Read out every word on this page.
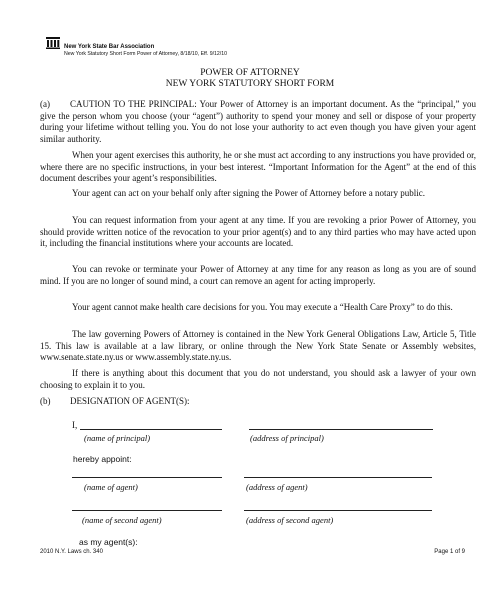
New York State Bar Association
New York Statutory Short Form Power of Attorney, 8/18/10, Eff. 9/12/10
POWER OF ATTORNEY
NEW YORK STATUTORY SHORT FORM
(a) CAUTION TO THE PRINCIPAL: Your Power of Attorney is an important document. As the “principal,” you give the person whom you choose (your “agent”) authority to spend your money and sell or dispose of your property during your lifetime without telling you. You do not lose your authority to act even though you have given your agent similar authority.
When your agent exercises this authority, he or she must act according to any instructions you have provided or, where there are no specific instructions, in your best interest. “Important Information for the Agent” at the end of this document describes your agent’s responsibilities.
Your agent can act on your behalf only after signing the Power of Attorney before a notary public.
You can request information from your agent at any time. If you are revoking a prior Power of Attorney, you should provide written notice of the revocation to your prior agent(s) and to any third parties who may have acted upon it, including the financial institutions where your accounts are located.
You can revoke or terminate your Power of Attorney at any time for any reason as long as you are of sound mind. If you are no longer of sound mind, a court can remove an agent for acting improperly.
Your agent cannot make health care decisions for you. You may execute a “Health Care Proxy” to do this.
The law governing Powers of Attorney is contained in the New York General Obligations Law, Article 5, Title 15. This law is available at a law library, or online through the New York State Senate or Assembly websites, www.senate.state.ny.us or www.assembly.state.ny.us.
If there is anything about this document that you do not understand, you should ask a lawyer of your own choosing to explain it to you.
(b) DESIGNATION OF AGENT(S):
I,
(name of principal)	(address of principal)
hereby appoint:
(name of agent)	(address of agent)
(name of second agent)	(address of second agent)
as my agent(s):
2010 N.Y. Laws ch. 340	Page 1 of 9
